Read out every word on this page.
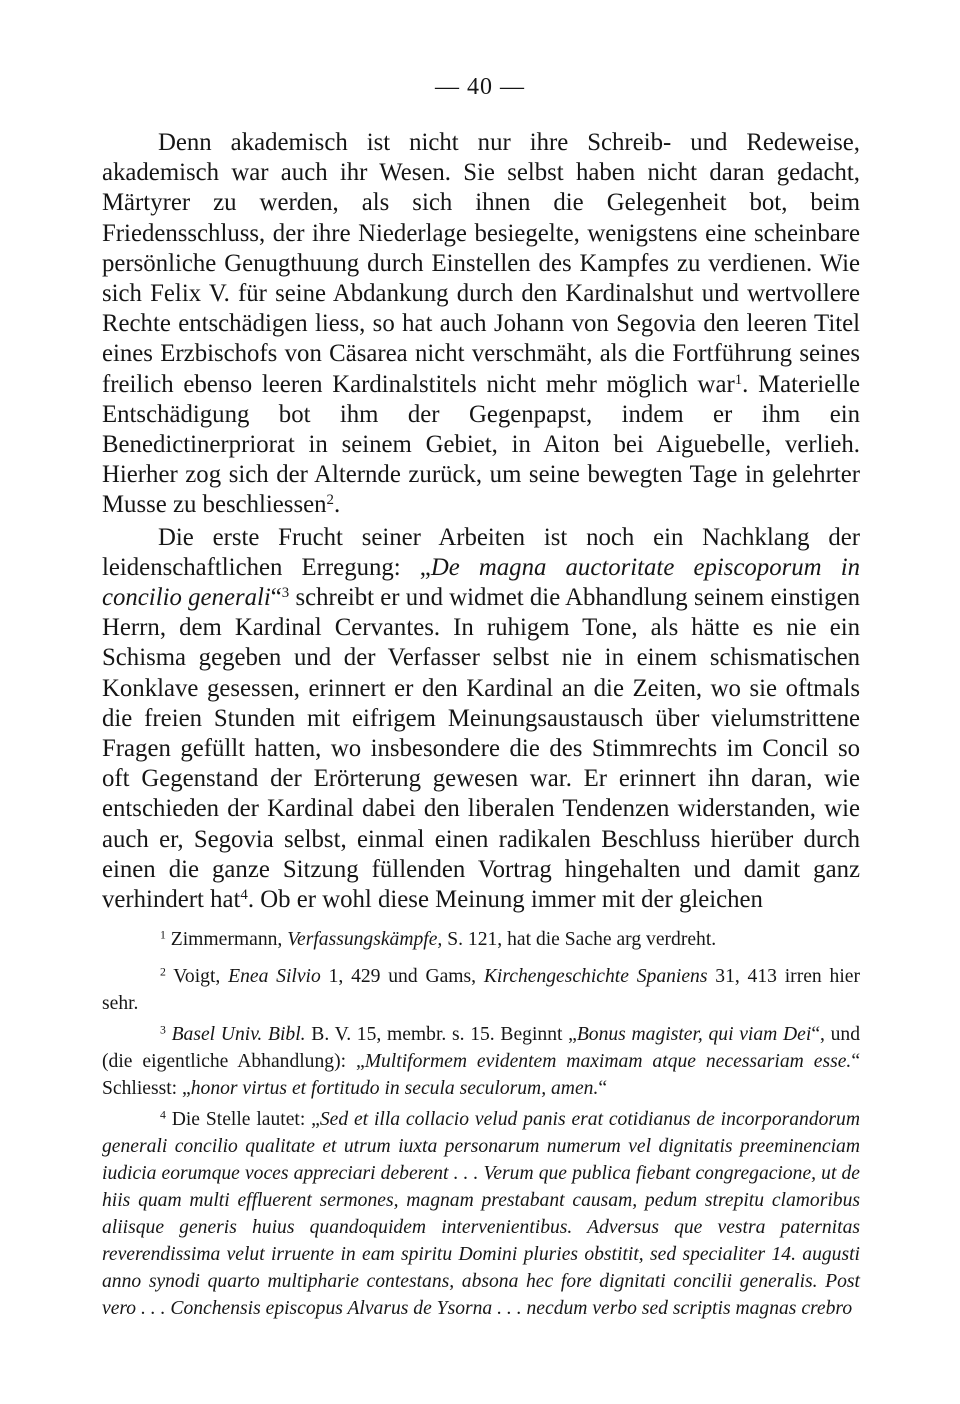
— 40 —

Denn akademisch ist nicht nur ihre Schreib- und Redeweise, akademisch war auch ihr Wesen. Sie selbst haben nicht daran gedacht, Märtyrer zu werden, als sich ihnen die Gelegenheit bot, beim Friedensschluss, der ihre Niederlage besiegelte, wenigstens eine scheinbare persönliche Genugthuung durch Einstellen des Kampfes zu verdienen. Wie sich Felix V. für seine Abdankung durch den Kardinalshut und wertvollere Rechte entschädigen liess, so hat auch Johann von Segovia den leeren Titel eines Erzbischofs von Cäsarea nicht verschmäht, als die Fortführung seines freilich ebenso leeren Kardinalstitels nicht mehr möglich war$^1$. Materielle Entschädigung bot ihm der Gegenpapst, indem er ihm ein Benedictinerpriorat in seinem Gebiet, in Aiton bei Aiguebelle, verlieh. Hierher zog sich der Alternde zurück, um seine bewegten Tage in gelehrter Musse zu beschliessen$^2$.

Die erste Frucht seiner Arbeiten ist noch ein Nachklang der leidenschaftlichen Erregung: „De magna auctoritate episcoporum in concilio generali“$^3$ schreibt er und widmet die Abhandlung seinem einstigen Herrn, dem Kardinal Cervantes. In ruhigem Tone, als hätte es nie ein Schisma gegeben und der Verfasser selbst nie in einem schismatischen Konklave gesessen, erinnert er den Kardinal an die Zeiten, wo sie oftmals die freien Stunden mit eifrigem Meinungsaustausch über vielumstrittene Fragen gefüllt hatten, wo insbesondere die des Stimmrechts im Concil so oft Gegenstand der Erörterung gewesen war. Er erinnert ihn daran, wie entschieden der Kardinal dabei den liberalen Tendenzen widerstanden, wie auch er, Segovia selbst, einmal einen radikalen Beschluss hierüber durch einen die ganze Sitzung füllenden Vortrag hingehalten und damit ganz verhindert hat$^4$. Ob er wohl diese Meinung immer mit der gleichen

$^1$ Zimmermann, Verfassungskämpfe, S. 121, hat die Sache arg verdreht.

$^2$ Voigt, Enea Silvio 1, 429 und Gams, Kirchengeschichte Spaniens 31, 413 irren hier sehr.

$^3$ Basel Univ. Bibl. B. V. 15, membr. s. 15. Beginnt „Bonus magister, qui viam Dei“, und (die eigentliche Abhandlung): „Multiformem evidentem maximam atque necessariam esse.“ Schliesst: „honor virtus et fortitudo in secula seculorum, amen.“

$^4$ Die Stelle lautet: „Sed et illa collacio velud panis erat cotidianus de incorporandorum generali concilio qualitate et utrum iuxta personarum numerum vel dignitatis preeminenciam iudicia eorumque voces appreciari deberent . . . Verum que publica fiebant congregacione, ut de hiis quam multi effluerent sermones, magnam prestabant causam, pedum strepitu clamoribus aliisque generis huius quandoquidem intervenientibus. Adversus que vestra paternitas reverendissima velut irruente in eam spiritu Domini pluries obstitit, sed specialiter 14. augusti anno synodi quarto multipharie contestans, absona hec fore dignitati concilii generalis. Post vero . . . Conchensis episcopus Alvarus de Ysorna . . . necdum verbo sed scriptis magnas crebro
